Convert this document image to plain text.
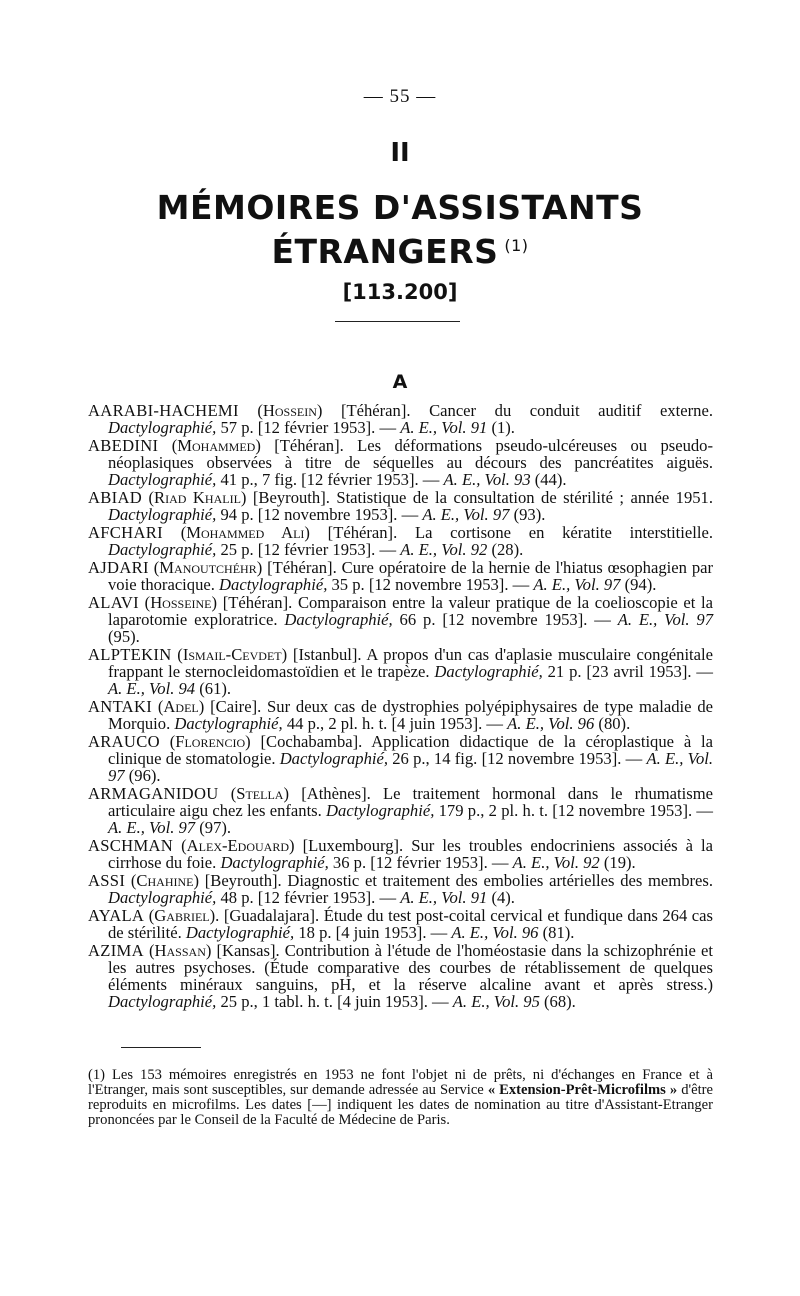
— 55 —
II
MÉMOIRES D'ASSISTANTS
ÉTRANGERS $^{(1)}$
[113.200]
A

AARABI-HACHEMI (Hossein) [Téhéran]. Cancer du conduit auditif externe. Dactylographié, 57 p. [12 février 1953]. — A. E., Vol. 91 (1).

ABEDINI (Mohammed) [Téhéran]. Les déformations pseudo-ulcéreuses ou pseudo-néoplasiques observées à titre de séquelles au décours des pancréatites aiguës. Dactylographié, 41 p., 7 fig. [12 février 1953]. — A. E., Vol. 93 (44).

ABIAD (Riad Khalil) [Beyrouth]. Statistique de la consultation de stérilité ; année 1951. Dactylographié, 94 p. [12 novembre 1953]. — A. E., Vol. 97 (93).

AFCHARI (Mohammed Ali) [Téhéran]. La cortisone en kératite interstitielle. Dactylographié, 25 p. [12 février 1953]. — A. E., Vol. 92 (28).

AJDARI (Manoutchéhr) [Téhéran]. Cure opératoire de la hernie de l'hiatus œsophagien par voie thoracique. Dactylographié, 35 p. [12 novembre 1953]. — A. E., Vol. 97 (94).

ALAVI (Hosseine) [Téhéran]. Comparaison entre la valeur pratique de la coelioscopie et la laparotomie exploratrice. Dactylographié, 66 p. [12 novembre 1953]. — A. E., Vol. 97 (95).

ALPTEKIN (Ismail-Cevdet) [Istanbul]. A propos d'un cas d'aplasie musculaire congénitale frappant le sternocleidomastoïdien et le trapèze. Dactylographié, 21 p. [23 avril 1953]. — A. E., Vol. 94 (61).

ANTAKI (Adel) [Caire]. Sur deux cas de dystrophies polyépiphysaires de type maladie de Morquio. Dactylographié, 44 p., 2 pl. h. t. [4 juin 1953]. — A. E., Vol. 96 (80).

ARAUCO (Florencio) [Cochabamba]. Application didactique de la céroplastique à la clinique de stomatologie. Dactylographié, 26 p., 14 fig. [12 novembre 1953]. — A. E., Vol. 97 (96).

ARMAGANIDOU (Stella) [Athènes]. Le traitement hormonal dans le rhumatisme articulaire aigu chez les enfants. Dactylographié, 179 p., 2 pl. h. t. [12 novembre 1953]. — A. E., Vol. 97 (97).

ASCHMAN (Alex-Edouard) [Luxembourg]. Sur les troubles endocriniens associés à la cirrhose du foie. Dactylographié, 36 p. [12 février 1953]. — A. E., Vol. 92 (19).

ASSI (Chahine) [Beyrouth]. Diagnostic et traitement des embolies artérielles des membres. Dactylographié, 48 p. [12 février 1953]. — A. E., Vol. 91 (4).

AYALA (Gabriel). [Guadalajara]. Étude du test post-coital cervical et fundique dans 264 cas de stérilité. Dactylographié, 18 p. [4 juin 1953]. — A. E., Vol. 96 (81).

AZIMA (Hassan) [Kansas]. Contribution à l'étude de l'homéostasie dans la schizophrénie et les autres psychoses. (Étude comparative des courbes de rétablissement de quelques éléments minéraux sanguins, pH, et la réserve alcaline avant et après stress.) Dactylographié, 25 p., 1 tabl. h. t. [4 juin 1953]. — A. E., Vol. 95 (68).

(1) Les 153 mémoires enregistrés en 1953 ne font l'objet ni de prêts, ni d'échanges en France et à l'Etranger, mais sont susceptibles, sur demande adressée au Service « Extension-Prêt-Microfilms » d'être reproduits en microfilms. Les dates [—] indiquent les dates de nomination au titre d'Assistant-Etranger prononcées par le Conseil de la Faculté de Médecine de Paris.
